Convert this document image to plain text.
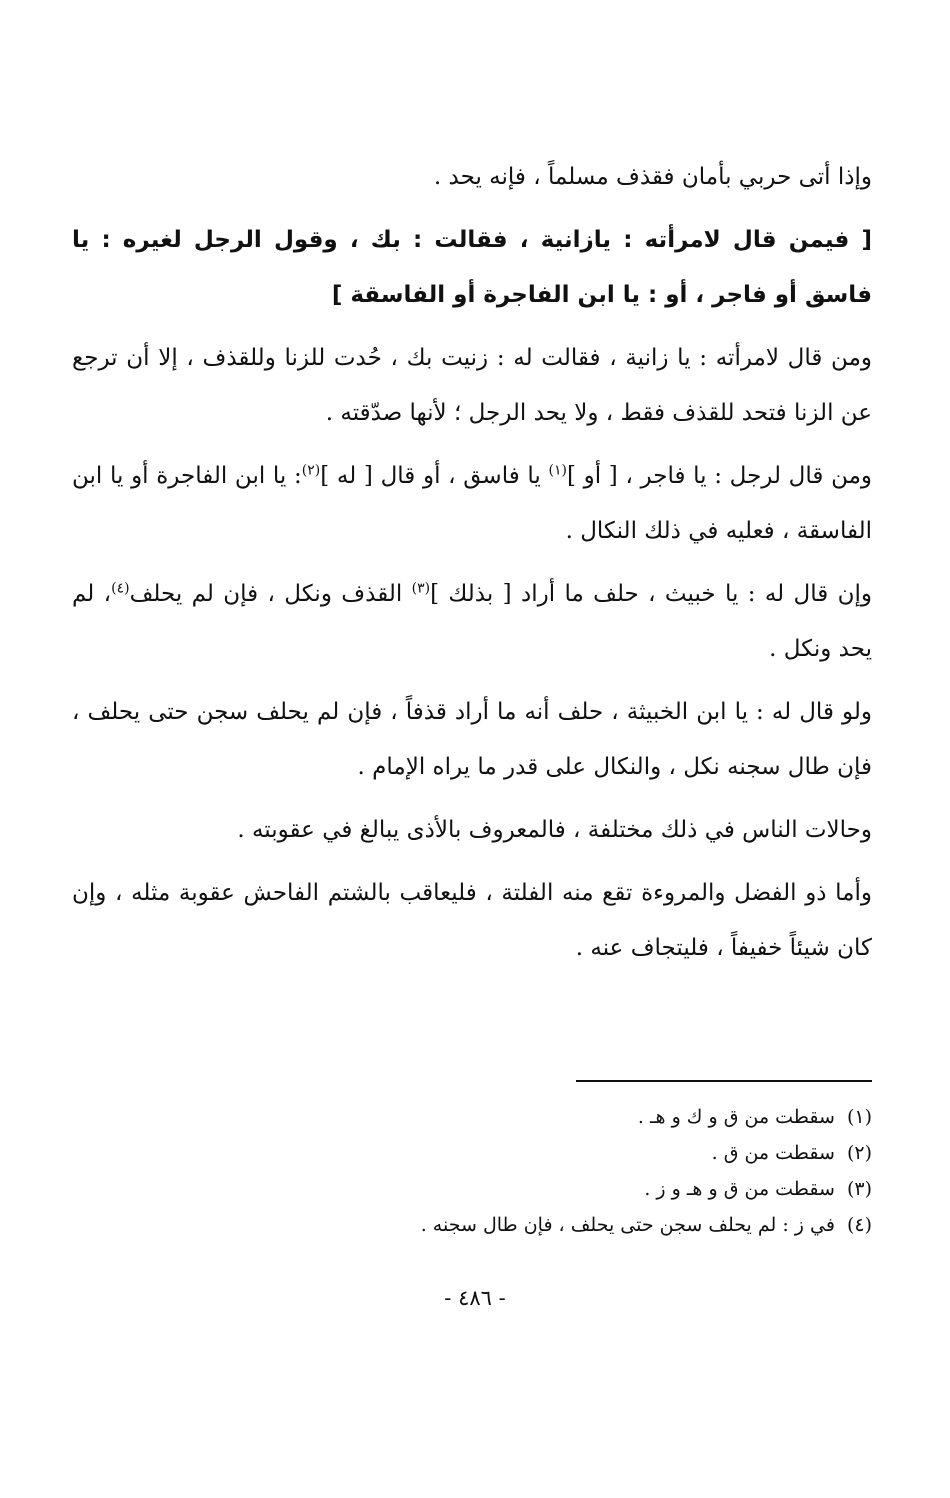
وإذا أتى حربي بأمان فقذف مسلماً ، فإنه يحد .

[ فيمن قال لامرأته : يازانية ، فقالت : بك ، وقول الرجل لغيره : يا فاسق أو فاجر ، أو : يا ابن الفاجرة أو الفاسقة ]

ومن قال لامرأته : يا زانية ، فقالت له : زنيت بك ، حُدت للزنا وللقذف ، إلا أن ترجع عن الزنا فتحد للقذف فقط ، ولا يحد الرجل ؛ لأنها صدّقته .

ومن قال لرجل : يا فاجر ، [ أو ]$^{(١)}$ يا فاسق ، أو قال [ له ]$^{(٢)}$: يا ابن الفاجرة أو يا ابن الفاسقة ، فعليه في ذلك النكال .

وإن قال له : يا خبيث ، حلف ما أراد [ بذلك ]$^{(٣)}$ القذف ونكل ، فإن لم يحلف$^{(٤)}$، لم يحد ونكل .

ولو قال له : يا ابن الخبيثة ، حلف أنه ما أراد قذفاً ، فإن لم يحلف سجن حتى يحلف ، فإن طال سجنه نكل ، والنكال على قدر ما يراه الإمام .

وحالات الناس في ذلك مختلفة ، فالمعروف بالأذى يبالغ في عقوبته .

وأما ذو الفضل والمروءة تقع منه الفلتة ، فليعاقب بالشتم الفاحش عقوبة مثله ، وإن كان شيئاً خفيفاً ، فليتجاف عنه .

(١)
سقطت من ق و ك و هـ .
(٢)
سقطت من ق .
(٣)
سقطت من ق و هـ و ز .
(٤)
في ز : لم يحلف سجن حتى يحلف ، فإن طال سجنه .
- ٤٨٦ -
